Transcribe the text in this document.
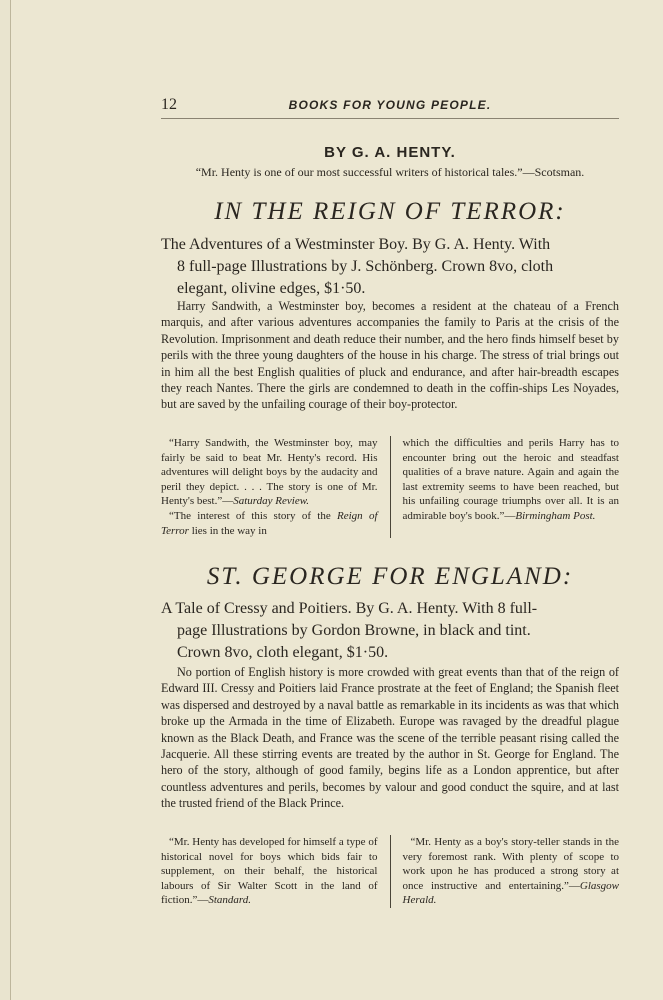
12	BOOKS FOR YOUNG PEOPLE.
BY G. A. HENTY.
“Mr. Henty is one of our most successful writers of historical tales.”—Scotsman.
IN THE REIGN OF TERROR:
The Adventures of a Westminster Boy. By G. A. Henty. With
8 full-page Illustrations by J. Schönberg. Crown 8vo, cloth
elegant, olivine edges, $1·50.
Harry Sandwith, a Westminster boy, becomes a resident at the chateau of a French marquis, and after various adventures accompanies the family to Paris at the crisis of the Revolution. Imprisonment and death reduce their number, and the hero finds himself beset by perils with the three young daughters of the house in his charge. The stress of trial brings out in him all the best English qualities of pluck and endurance, and after hair-breadth escapes they reach Nantes. There the girls are condemned to death in the coffin-ships Les Noyades, but are saved by the unfailing courage of their boy-protector.

“Harry Sandwith, the Westminster boy, may fairly be said to beat Mr. Henty's record. His adventures will delight boys by the audacity and peril they depict. . . . The story is one of Mr. Henty's best.”—Saturday Review.

“The interest of this story of the Reign of Terror lies in the way in

which the difficulties and perils Harry has to encounter bring out the heroic and steadfast qualities of a brave nature. Again and again the last extremity seems to have been reached, but his unfailing courage triumphs over all. It is an admirable boy's book.”—Birmingham Post.

ST. GEORGE FOR ENGLAND:
A Tale of Cressy and Poitiers. By G. A. Henty. With 8 full-
page Illustrations by Gordon Browne, in black and tint.
Crown 8vo, cloth elegant, $1·50.
No portion of English history is more crowded with great events than that of the reign of Edward III. Cressy and Poitiers laid France prostrate at the feet of England; the Spanish fleet was dispersed and destroyed by a naval battle as remarkable in its incidents as was that which broke up the Armada in the time of Elizabeth. Europe was ravaged by the dreadful plague known as the Black Death, and France was the scene of the terrible peasant rising called the Jacquerie. All these stirring events are treated by the author in St. George for England. The hero of the story, although of good family, begins life as a London apprentice, but after countless adventures and perils, becomes by valour and good conduct the squire, and at last the trusted friend of the Black Prince.

“Mr. Henty has developed for himself a type of historical novel for boys which bids fair to supplement, on their behalf, the historical labours of Sir Walter Scott in the land of fiction.”—Standard.

“Mr. Henty as a boy's story-teller stands in the very foremost rank. With plenty of scope to work upon he has produced a strong story at once instructive and entertaining.”—Glasgow Herald.
